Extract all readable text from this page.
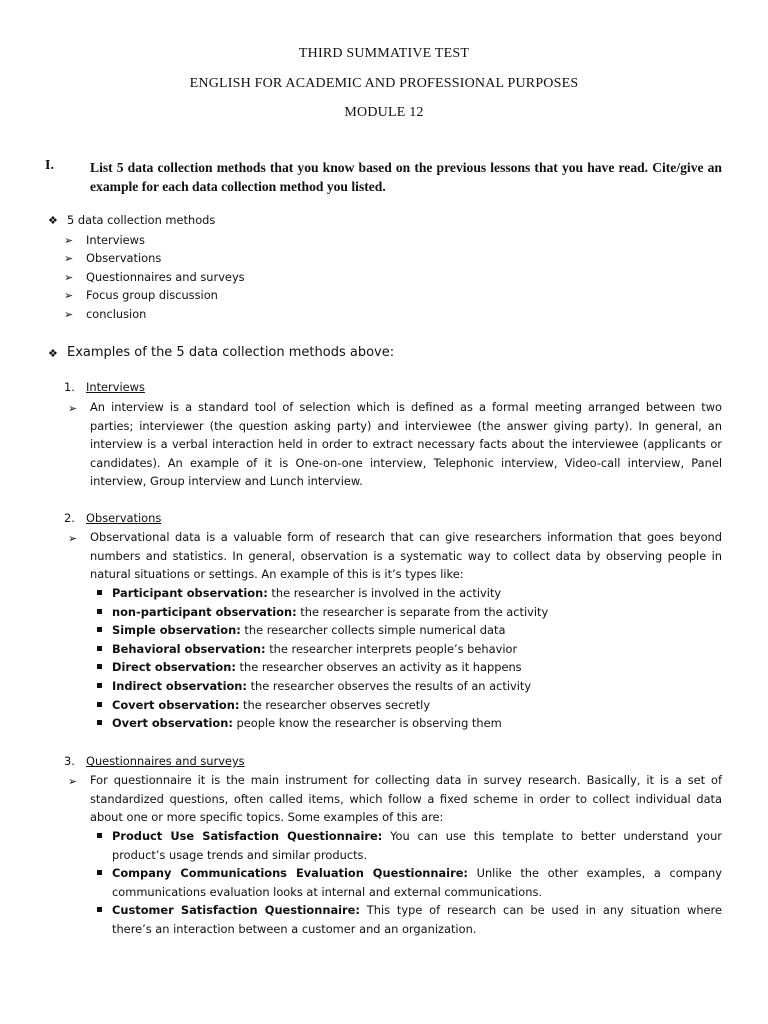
THIRD SUMMATIVE TEST
ENGLISH FOR ACADEMIC AND PROFESSIONAL PURPOSES
MODULE 12
I.	List 5 data collection methods that you know based on the previous lessons that you have read. Cite/give an example for each data collection method you listed.
❖ 5 data collection methods
➢ Interviews
➢ Observations
➢ Questionnaires and surveys
➢ Focus group discussion
➢ conclusion
❖ Examples of the 5 data collection methods above:
1. Interviews
➢ An interview is a standard tool of selection which is defined as a formal meeting arranged between two parties; interviewer (the question asking party) and interviewee (the answer giving party). In general, an interview is a verbal interaction held in order to extract necessary facts about the interviewee (applicants or candidates). An example of it is One-on-one interview, Telephonic interview, Video-call interview, Panel interview, Group interview and Lunch interview.
2. Observations
➢ Observational data is a valuable form of research that can give researchers information that goes beyond numbers and statistics. In general, observation is a systematic way to collect data by observing people in natural situations or settings. An example of this is it’s types like:
Participant observation: the researcher is involved in the activity
non-participant observation: the researcher is separate from the activity
Simple observation: the researcher collects simple numerical data
Behavioral observation: the researcher interprets people’s behavior
Direct observation: the researcher observes an activity as it happens
Indirect observation: the researcher observes the results of an activity
Covert observation: the researcher observes secretly
Overt observation: people know the researcher is observing them
3. Questionnaires and surveys
➢ For questionnaire it is the main instrument for collecting data in survey research. Basically, it is a set of standardized questions, often called items, which follow a fixed scheme in order to collect individual data about one or more specific topics. Some examples of this are:
Product Use Satisfaction Questionnaire: You can use this template to better understand your product’s usage trends and similar products.
Company Communications Evaluation Questionnaire: Unlike the other examples, a company communications evaluation looks at internal and external communications.
Customer Satisfaction Questionnaire: This type of research can be used in any situation where there’s an interaction between a customer and an organization.
